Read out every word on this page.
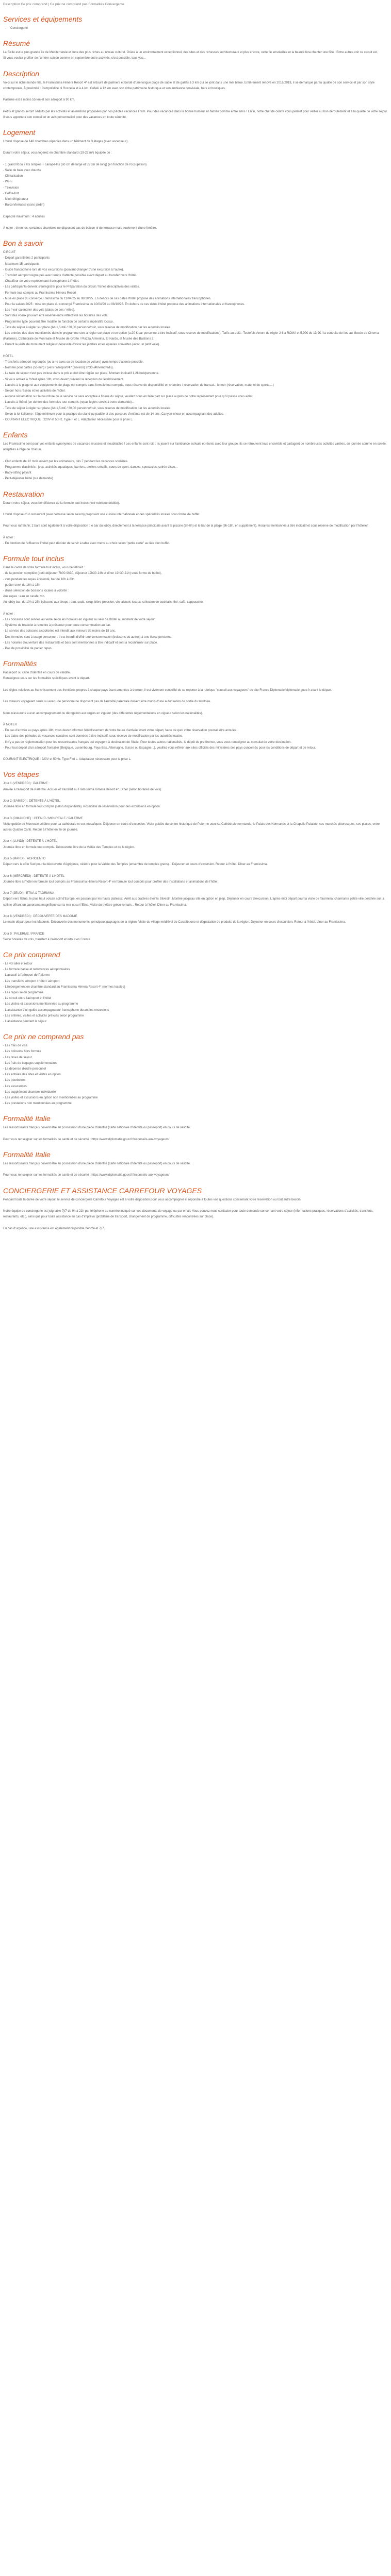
Description Ce prix comprend | Ce prix ne comprend pas Formalités Convergente
Services et équipements
• Conciergerie
Résumé

La Sicile est le plus grande île de Méditerranée et l'une des plus riches au niveau culturel. Grâce à un environnement exceptionnel, des sites et des richesses architecturaux et plus encore, cette île ensoleillée et la beauté fera chanter une fête ! Entre autres voir ce circuit est,

Si vous voulez profiter de l'arrière-saison comme en septembre entre activités, c'est possible, tous vos...

Description

Voici sur le riche monde l'île, le Framissima Himera Resort 4* est entouré de palmiers et bordé d'une longue plage de sable et de galets à 3 km qui se joint dans une mer bleue. Entièrement rénové en 2016/2019, il se démarque par la qualité de son service et par son style contemporain. À proximité : Campofelice di Roccella et à 4 km, Cefalù à 12 km avec son riche patrimoine historique et son ambiance conviviale, bars et boutiques.

Palerme est à moins 55 km et son aéroport à 90 km.

Petits et grands seront séduits par les activités et animations proposées par nos piliotes vacances Fram. Pour des vacances dans la bonne humeur en famille comme entre amis ! Enfin, notre chef de centre vous permet pour veiller au bon déroulement et à la qualité de votre séjour. Il vous apportera son conseil et un avis personnalisé pour des vacances en toute sérénité.

Logement

L'hôtel dispose de 148 chambres réparties dans un bâtiment de 3 étages (avec ascenseur).

Durant votre séjour, vous logerez en chambre standard (19-22 m²) équipée de :

- 1 grand lit ou 2 lits simples + canapé-lits (60 cm de large et 55 cm de long) (en fonction de l'occupation)

- Salle de bain avec douche

- Climatisation

- Wi-Fi

- Télévision

- Coffre-fort

- Mini réfrigérateur

- Balcon/terrasse (sans jardin)

Capacité maximum : 4 adultes

À noter : étrennes, certaines chambres ne disposent pas de balcon ni de terrasse mais seulement d'une fenêtre.

Bon à savoir

CIRCUIT

- Départ garanti dès 2 participants

- Maximum 15 participants

- Guide francophone lors de vos excursions (pouvant changer d'une excursion à l'autre).

- Transfert aéroport regroupés avec temps d'attente possible avant départ au transfert vers l'hôtel.

- Chauffeur de votre représentant francophone à l'hôtel.

- Les participants doivent s'enregistrer pour le Préparation du circuit / fiches descriptives des visites.

- Formule tout compris au Framissima Himera Resort

- Mise en place du convergé Framissima du 11/04/25 au 08/10/25. En dehors de ces dates l'hôtel propose des animations internationales francophones.

- Pour la saison 2025 : mise en place du convergé Framissima du 10/04/26 au 08/10/26. En dehors de ces dates l'hôtel propose des animations internationales et francophones.

- Les / voir calendrier des vols (dates de ces / villes).

- Sont des voeux pouvant être réservé entre réflectivité les horaires des vols.

- Programme type pouvant être modifié en fonction de certains impératifs locaux.

- Taxe de séjour à régler sur place (Ab 1,5 m€ / 30,00 personne/nuit, sous réserve de modification par les autorités locales.

- Les entrées des sites mentionnés dans le programme sont à régler sur place et en option (a:20 € par personne à titre indicatif, sous réserve de modifications). Tarifs au-delà : Toutefois Amont de régler 2 € à ROMA et 5,90€ de 13,9€ / la conduite de lieu au Musée de Cinema (Palerme), Cathédrale de Monreale et Musée de Grotte / Piazza Armerina, El Nardo, et Musée des Bastions 2.

- Durant la visite de monument religieux nécessité d'avoir les jambes et les épaules couvertes (avec un petit voile).

HÔTEL

- Transferts aéroport regroupés (ou à ne avec ou de location de voiture) avec temps d'attente possible.

- Nommé pour cartes (55 min) / (vers l'aéroport/47 (environ) 2h30 (4h/vendredi)).

- La taxe de séjour n'est pas incluse dans le prix et doit être réglée sur place. Montant indicatif 1,2€/nuit/personne.

- Si vous arrivez à l'hôtel après 18h, vous devez prévenir la réception de l'établissement.

- L'accès à la plage et aux équipements de plage est compris sans formule tout compris, sous réserve de disponibilité en chambre / réservation de transat... le mer (réservation, matériel de sports,...)

- Séjour hors réseau et les activités de l'hôtel.

- Aucune réclamation sur la nourriture ou le service ne sera acceptée à l'issue du séjour, veuillez nous en faire part sur place auprès de notre représentant pour qu'il puisse vous aider.

- L'accès à l'hôtel (en dehors des formules tout compris (repas légers servis à votre demande)...

- Taxe de séjour à régler sur place (Ab 1,5 m€ / 30,00 personne/nuit, sous réserve de modification par les autorités locales.

- Selon la loi italienne : l'âge minimum pour la pratique du stand-up paddle et des parcours d'enfants est de 14 ans. Canyon-nheur en accompagnant des adultes.

- COURANT ELECTRIQUE : 220V et 50Hz. Type F et L. Adaptateur nécessaire pour la prise L.

Enfants

Les Framissimo sont pour vos enfants synonymes de vacances réussies et inoubliables ! Les enfants sont rois : ils jouent sur l'ambiance estivale et réunis avec leur groupe, ils se retrouvent tous ensemble et partagent de nombreuses activités variées, en journée comme en soirée, adaptées à l'âge de chacun.

- Club enfants de 12 mois ouvert par les animateurs, dès 7 pendant les vacances scolaires.

- Programme d'activités : jeux, activités aquatiques, barriers, ateliers créatifs, cours de sport, danses, spectacles, soirée disco...

- Baby-sitting payant

- Petit-déjeuner bébé (sur demande)

Restauration

Durant votre séjour, vous bénéficierez de la formule tout inclus (voir rubrique dédiée).

L'hôtel dispose d'un restaurant (avec terrasse selon saison) proposant une cuisine internationale et des spécialités locales sous forme de buffet.

Pour vous rafraîchir, 2 bars sont également à votre disposition : le bar du lobby, directement à la terrasse principale avant la piscine (8h-0h) et le bar de la plage (9h-18h, en supplément). Horaires mentionnés à titre indicatif et sous réserve de modification par l'hôtelier.

À noter :

- En fonction de l'affluence l'hôtel peut décider de servir à table avec menu au choix selon "petite carte" au lieu d'un buffet.

Formule tout inclus

Dans le cadre de votre formule tout inclus, vous bénéficiez :

- de la pension complète (petit-déjeuner 7h00-9h30, déjeuner 12h30-14h et dîner 19h30-21h) sous forme de buffet),

- vins pendant les repas à volonté, bar de 10h à 23h

- goûter servi de 16h à 18h

- d'une sélection de boissons locales à volonté :

Aux repas : eau en carafe, vin.

Au lobby bar, de 10h à 23h boissons aux sirops : eau, soda, sirop, bière pression, vin, alcools locaux, sélection de cocktails, thé, café, cappuccino.

À noter :

- Les boissons sont servies au verre selon les horaires en vigueur au sein de l'hôtel au moment de votre séjour.

- Système de bracelet à remettre à présenter pour toute consommation au bar.

- Le service des boissons alcoolisées est interdit aux mineurs de moins de 18 ans.

- Des formules sont à usage personnel : il est interdit d'offrir une consommation (boissons ou autres) à une tierce personne.

- Les horaires d'ouverture des restaurants et bars sont mentionnés à titre indicatif et sont à reconfirmer sur place.

- Pas de possibilité de panier repas.

Formalités

Passeport ou carte d'identité en cours de validité.

Renseignez-vous sur les formalités spécifiques avant le départ.

Les règles relatives au franchissement des frontières propres à chaque pays étant amenées à évoluer, il est vivement conseillé de se reporter à la rubrique "conseil aux voyageurs" du site France Diplomatie/diplomatie.gouv.fr avant le départ.

Les mineurs voyageant seuls ou avec une personne ne disposant pas de l'autorité parentale doivent être munis d'une autorisation de sortie du territoire.

Nous n'assurons aucun accompagnement ou dérogation aux règles en vigueur (des différentes réglementations en vigueur selon les nationalités).

À NOTER

- En cas d'arrivée au pays après 18h, vous devez informer l'établissement de votre heure d'arrivée avant votre départ, faute de quoi votre réservation pourrait être annulée.

- Les dates des périodes de vacances scolaires sont données à titre indicatif, sous réserve de modification par les autorités locales.

- Il n'y a pas de réglementation pour les ressortissants français qui voyagent à destination de l'Italie. Pour toutes autres nationalités, le dépôt de préférence, vous vous renseigner au consulat de votre destination.

- Pour tout départ d'un aéroport frontalier (Belgique, Luxembourg, Pays-Bas, Allemagne, Suisse ou Espagne...), veuillez vous référer aux sites officiels des ministères des pays concernés pour les conditions de départ et de retour.

COURANT ELECTRIQUE : 220V et 50Hz. Type F et L. Adaptateur nécessaire pour la prise L.

Vos étapes

Jour 1 (VENDREDI) : PALERME :

Arrivée à l'aéroport de Palerme. Accueil et transfert au Framissima Himera Resort 4*. Dîner (selon horaires de vols).

Jour 2 (SAMEDI) : DÉTENTE À L'HÔTEL.

Journée libre en formule tout compris (selon disponibilité). Possibilité de réservation pour des excursions en option.

Jour 3 (DIMANCHE) : CEFALÙ / MONREALE / PALERME

Visite guidée de Monreale célèbre pour sa cathédrale et ses mosaïques. Déjeuner en cours d'excursion. Visite guidée du centre historique de Palerme avec sa Cathédrale normande, le Palais des Normands et la Chapelle Palatine, ses marchés pittoresques, ses places, entre autres Quattro Canti. Retour à l'hôtel en fin de journée.

Jour 4 (LUNDI) : DÉTENTE À L'HÔTEL

Journée libre en formule tout compris. Découverte libre de la Vallée des Temples et de la région.

Jour 5 (MARDI) : AGRIGENTO

Départ vers la côte Sud pour la découverte d'Agrigente, célèbre pour la Vallée des Temples (ensemble de temples grecs)... Déjeuner en cours d'excursion. Retour à l'hôtel. Dîner au Framissima.

Jour 6 (MERCREDI) : DÉTENTE À L'HÔTEL

Journée libre à l'hôtel en formule tout compris au Framissima Himera Resort 4* en formule tout compris pour profiter des installations et animations de l'hôtel.

Jour 7 (JEUDI) : ETNA & TAORMINA

Départ vers l'Etna, le plus haut volcan actif d'Europe, en passant par les hauts plateaux. Arrêt aux cratères éteints Silvestri. Montée jusqu'au site en option en jeep. Déjeuner en cours d'excursion. L'après-midi départ pour la visite de Taormina, charmante petite ville perchée sur la colline offrant un panorama magnifique sur la mer et sur l'Etna. Visite du théâtre gréco-romain... Retour à l'hôtel. Dîner au Framissima.

Jour 8 (VENDREDI) : DÉCOUVERTE DES MADONIE

Le matin départ pour les Madonie. Découverte des monuments, principaux paysages de la région. Visite du village médiéval de Castelbuono et dégustation de produits de la région. Déjeuner en cours d'excursion. Retour à l'hôtel, dîner au Framissima.

Jour 9 : PALERME / FRANCE

Selon horaires de vols, transfert à l'aéroport et retour en France.

Ce prix comprend

- Le vol aller et retour

- La formule basse et redevances aéroportuaires

- L'accueil à l'aéroport de Palerme

- Les transferts aéroport / hôtel / aéroport

- L'hébergement en chambre standard au Framissima Himera Resort 4* (normes locales)

- Les repas selon programme

- Le circuit entre l'aéroport et l'hôtel

- Les visites et excursions mentionnées au programme

- L'assistance d'un guide accompagnateur francophone durant les excursions

- Les entrées, visites et activités prévues selon programme

- L'assistance pendant le séjour

Ce prix ne comprend pas

- Les frais de visa

- Les boissons hors formule

- Les taxes de séjour

- Les frais de bagages supplémentaires

- La dépense d'ordre personnel

- Les entrées des sites et visites en option

- Les pourboires

- Les assurances

- Les supplément chambre individuelle

- Les visites et excursions en option non mentionnées au programme

- Les prestations non mentionnées au programme

Formalité Italie

Les ressortissants français doivent être en possession d'une pièce d'identité (carte nationale d'identité ou passeport) en cours de validité.

Pour vous renseigner sur les formalités de santé et de sécurité : https://www.diplomatie.gouv.fr/fr/conseils-aux-voyageurs/

Formalité Italie

Les ressortissants français doivent être en possession d'une pièce d'identité (carte nationale d'identité ou passeport) en cours de validité.

Pour vous renseigner sur les formalités de santé et de sécurité : https://www.diplomatie.gouv.fr/fr/conseils-aux-voyageurs/

CONCIERGERIE ET ASSISTANCE CARREFOUR VOYAGES

Pendant toute la durée de votre séjour, le service de conciergerie Carrefour Voyages est à votre disposition pour vous accompagner et répondre à toutes vos questions concernant votre réservation ou tout autre besoin.

Notre équipe de conciergerie est joignable 7j/7 de 9h à 21h par téléphone au numéro indiqué sur vos documents de voyage ou par email. Vous pouvez nous contacter pour toute demande concernant votre séjour (informations pratiques, réservations d'activités, transferts, restaurants, etc.), ainsi que pour toute assistance en cas d'imprévu (problème de transport, changement de programme, difficultés rencontrées sur place).

En cas d'urgence, une assistance est également disponible 24h/24 et 7j/7.
